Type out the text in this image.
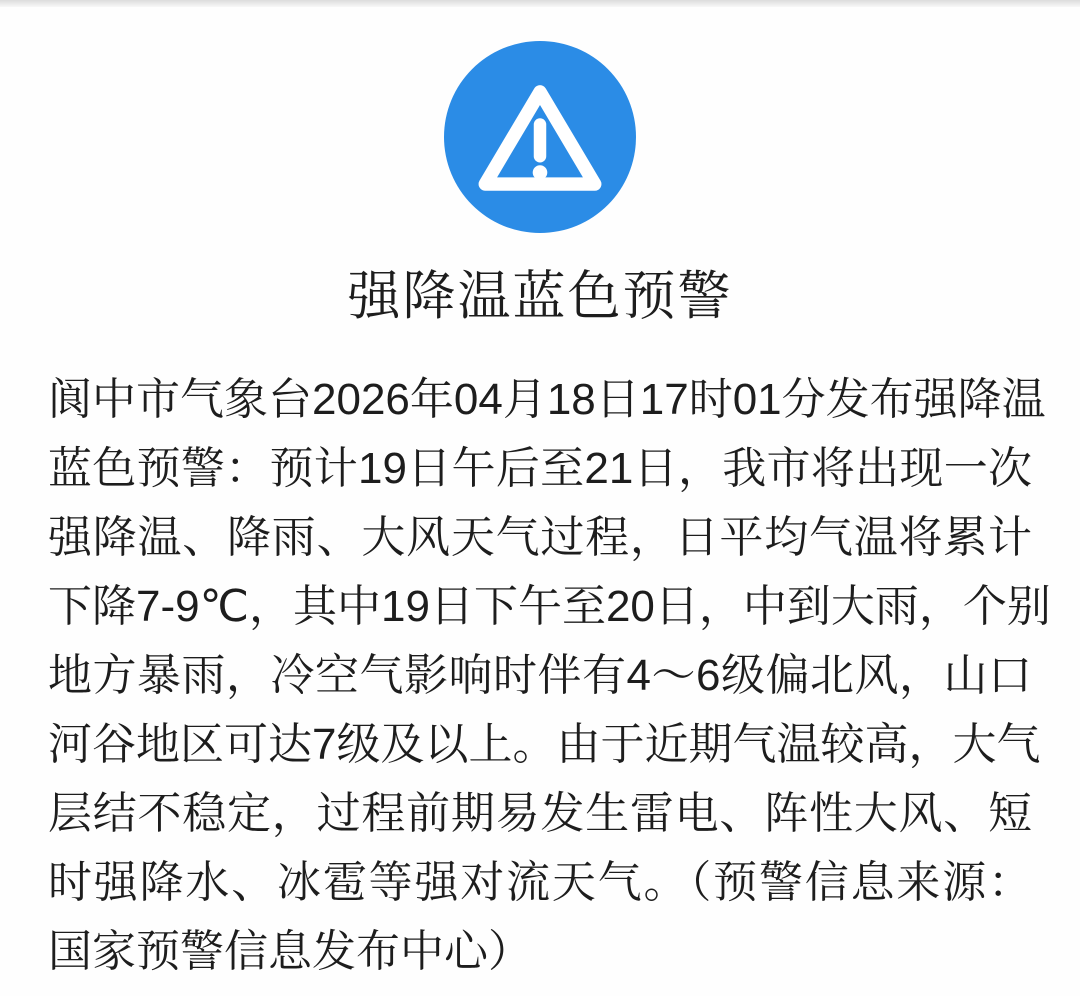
强降温蓝色预警
阆中市气象台2026年04月18日17时01分发布强降温
蓝色预警：预计19日午后至21日，我市将出现一次
强降温、降雨、大风天气过程，日平均气温将累计
下降7-9℃，其中19日下午至20日，中到大雨，个别
地方暴雨，冷空气影响时伴有4～6级偏北风，山口
河谷地区可达7级及以上。由于近期气温较高，大气
层结不稳定，过程前期易发生雷电、阵性大风、短
时强降水、冰雹等强对流天气。（预警信息来源：
国家预警信息发布中心）
